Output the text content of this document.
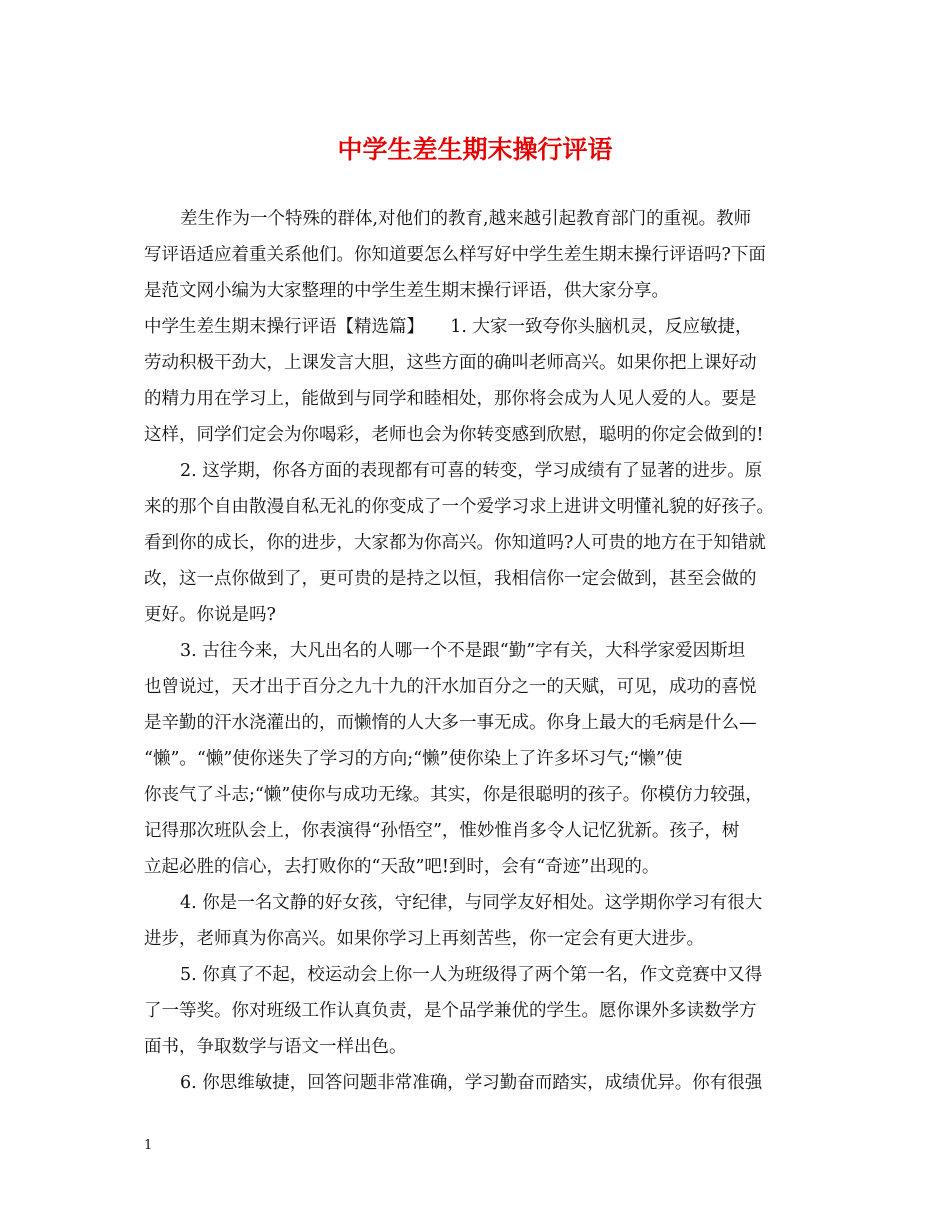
中学生差生期末操行评语
差生作为一个特殊的群体,对他们的教育,越来越引起教育部门的重视。教师
写评语适应着重关系他们。你知道要怎么样写好中学生差生期末操行评语吗?下面
是范文网小编为大家整理的中学生差生期末操行评语，供大家分享。
中学生差生期末操行评语【精选篇】　　1. 大家一致夸你头脑机灵，反应敏捷，
劳动积极干劲大，上课发言大胆，这些方面的确叫老师高兴。如果你把上课好动
的精力用在学习上，能做到与同学和睦相处，那你将会成为人见人爱的人。要是
这样，同学们定会为你喝彩，老师也会为你转变感到欣慰，聪明的你定会做到的!
2. 这学期，你各方面的表现都有可喜的转变，学习成绩有了显著的进步。原
来的那个自由散漫自私无礼的你变成了一个爱学习求上进讲文明懂礼貌的好孩子。
看到你的成长，你的进步，大家都为你高兴。你知道吗?人可贵的地方在于知错就
改，这一点你做到了，更可贵的是持之以恒，我相信你一定会做到，甚至会做的
更好。你说是吗?
3. 古往今来，大凡出名的人哪一个不是跟“勤”字有关，大科学家爱因斯坦
也曾说过，天才出于百分之九十九的汗水加百分之一的天赋，可见，成功的喜悦
是辛勤的汗水浇灌出的，而懒惰的人大多一事无成。你身上最大的毛病是什么—
“懒”。“懒”使你迷失了学习的方向;“懒”使你染上了许多坏习气;“懒”使
你丧气了斗志;“懒”使你与成功无缘。其实，你是很聪明的孩子。你模仿力较强，
记得那次班队会上，你表演得“孙悟空”，惟妙惟肖多令人记忆犹新。孩子，树
立起必胜的信心，去打败你的“天敌”吧!到时，会有“奇迹”出现的。
4. 你是一名文静的好女孩，守纪律，与同学友好相处。这学期你学习有很大
进步，老师真为你高兴。如果你学习上再刻苦些，你一定会有更大进步。
5. 你真了不起，校运动会上你一人为班级得了两个第一名，作文竞赛中又得
了一等奖。你对班级工作认真负责，是个品学兼优的学生。愿你课外多读数学方
面书，争取数学与语文一样出色。
6. 你思维敏捷，回答问题非常准确，学习勤奋而踏实，成绩优异。你有很强
1
